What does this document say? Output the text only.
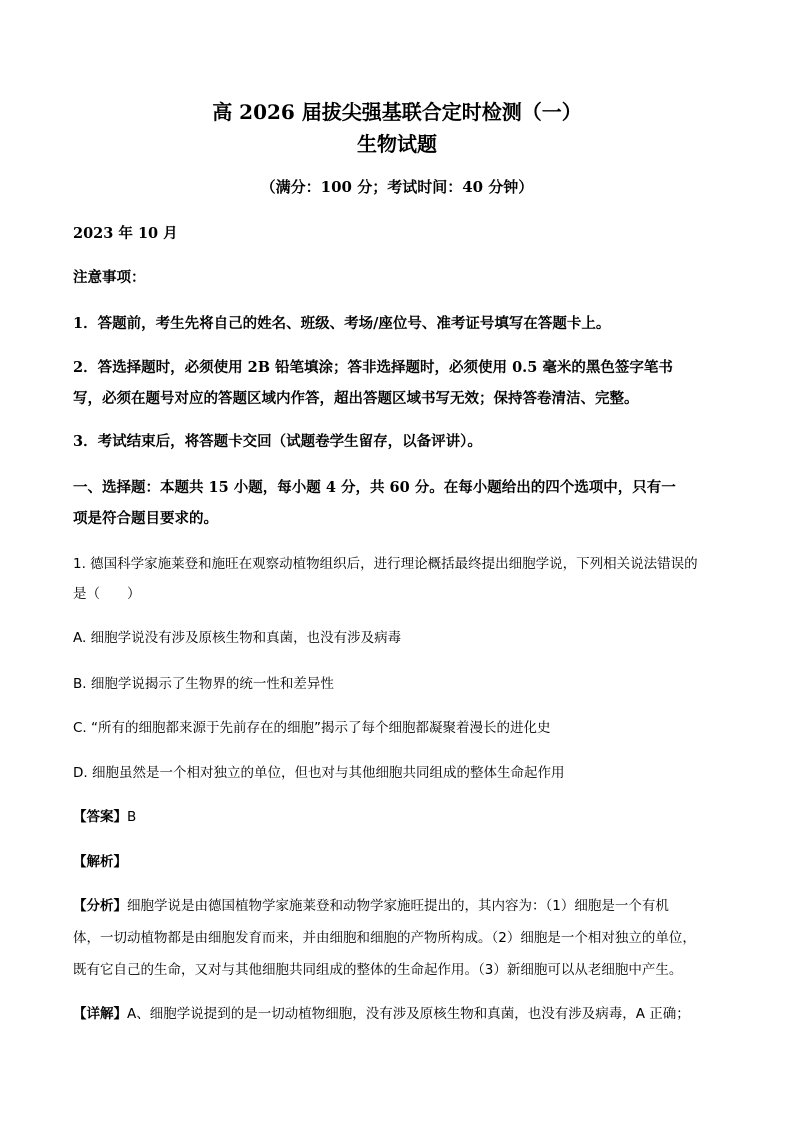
高 2026 届拔尖强基联合定时检测（一）
生物试题
（满分：100 分；考试时间：40 分钟）
2023 年 10 月
注意事项：
1．答题前，考生先将自己的姓名、班级、考场/座位号、准考证号填写在答题卡上。
2．答选择题时，必须使用 2B 铅笔填涂；答非选择题时，必须使用 0.5 毫米的黑色签字笔书
写，必须在题号对应的答题区域内作答，超出答题区域书写无效；保持答卷清洁、完整。
3．考试结束后，将答题卡交回（试题卷学生留存，以备评讲）。
一、选择题：本题共 15 小题，每小题 4 分，共 60 分。在每小题给出的四个选项中，只有一
项是符合题目要求的。
1. 德国科学家施莱登和施旺在观察动植物组织后，进行理论概括最终提出细胞学说，下列相关说法错误的
是（　　）
A. 细胞学说没有涉及原核生物和真菌，也没有涉及病毒
B. 细胞学说揭示了生物界的统一性和差异性
C. “所有的细胞都来源于先前存在的细胞”揭示了每个细胞都凝聚着漫长的进化史
D. 细胞虽然是一个相对独立的单位，但也对与其他细胞共同组成的整体生命起作用
【答案】B
【解析】
【分析】细胞学说是由德国植物学家施莱登和动物学家施旺提出的，其内容为：（1）细胞是一个有机
体，一切动植物都是由细胞发育而来，并由细胞和细胞的产物所构成。（2）细胞是一个相对独立的单位，
既有它自己的生命，又对与其他细胞共同组成的整体的生命起作用。（3）新细胞可以从老细胞中产生。
【详解】A、细胞学说提到的是一切动植物细胞，没有涉及原核生物和真菌，也没有涉及病毒，A 正确；
